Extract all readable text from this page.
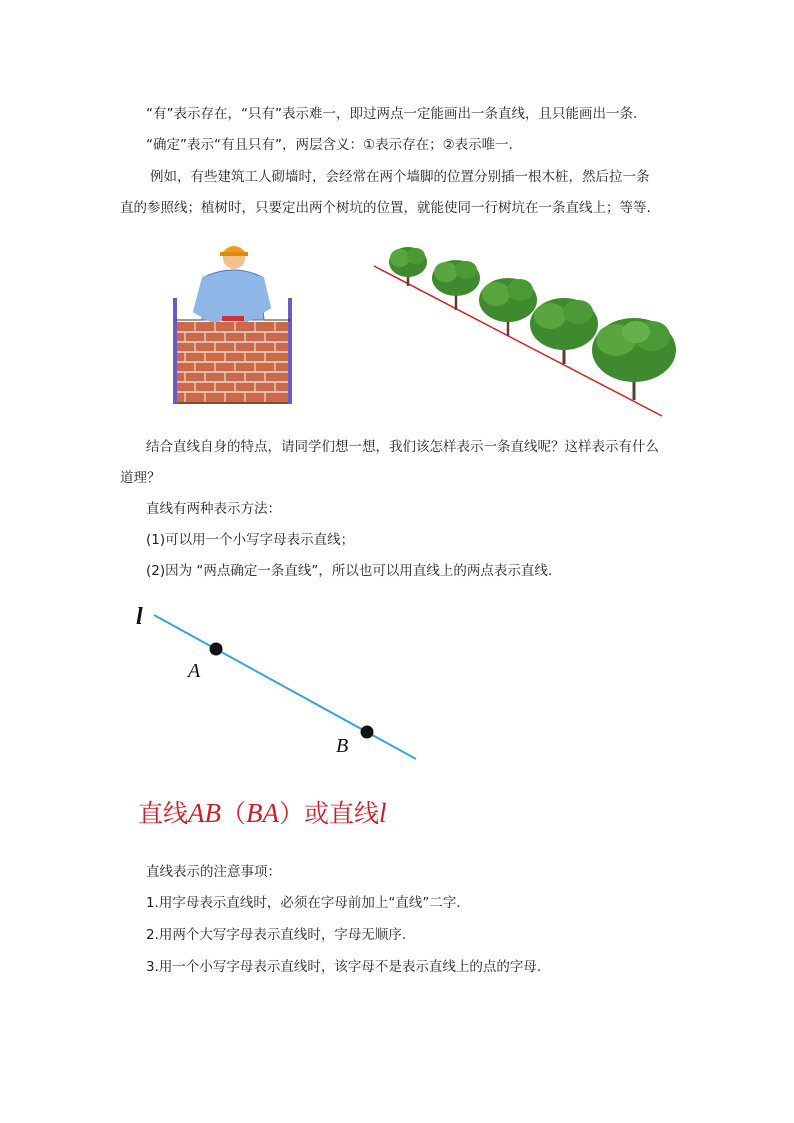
“有”表示存在，“只有”表示难一，即过两点一定能画出一条直线，且只能画出一条.
“确定”表示“有且只有”，两层含义：①表示存在；②表示唯一.
例如，有些建筑工人砌墙时，会经常在两个墙脚的位置分别插一根木桩，然后拉一条
直的参照线；植树时，只要定出两个树坑的位置，就能使同一行树坑在一条直线上；等等.
结合直线自身的特点，请同学们想一想，我们该怎样表示一条直线呢？这样表示有什么
道理？
直线有两种表示方法：
(1)可以用一个小写字母表示直线；
(2)因为 “两点确定一条直线”，所以也可以用直线上的两点表示直线.
l
A
B
直线AB（BA）或直线l
直线表示的注意事项：
1.用字母表示直线时，必须在字母前加上“直线”二字.
2.用两个大写字母表示直线时，字母无顺序.
3.用一个小写字母表示直线时，该字母不是表示直线上的点的字母.
